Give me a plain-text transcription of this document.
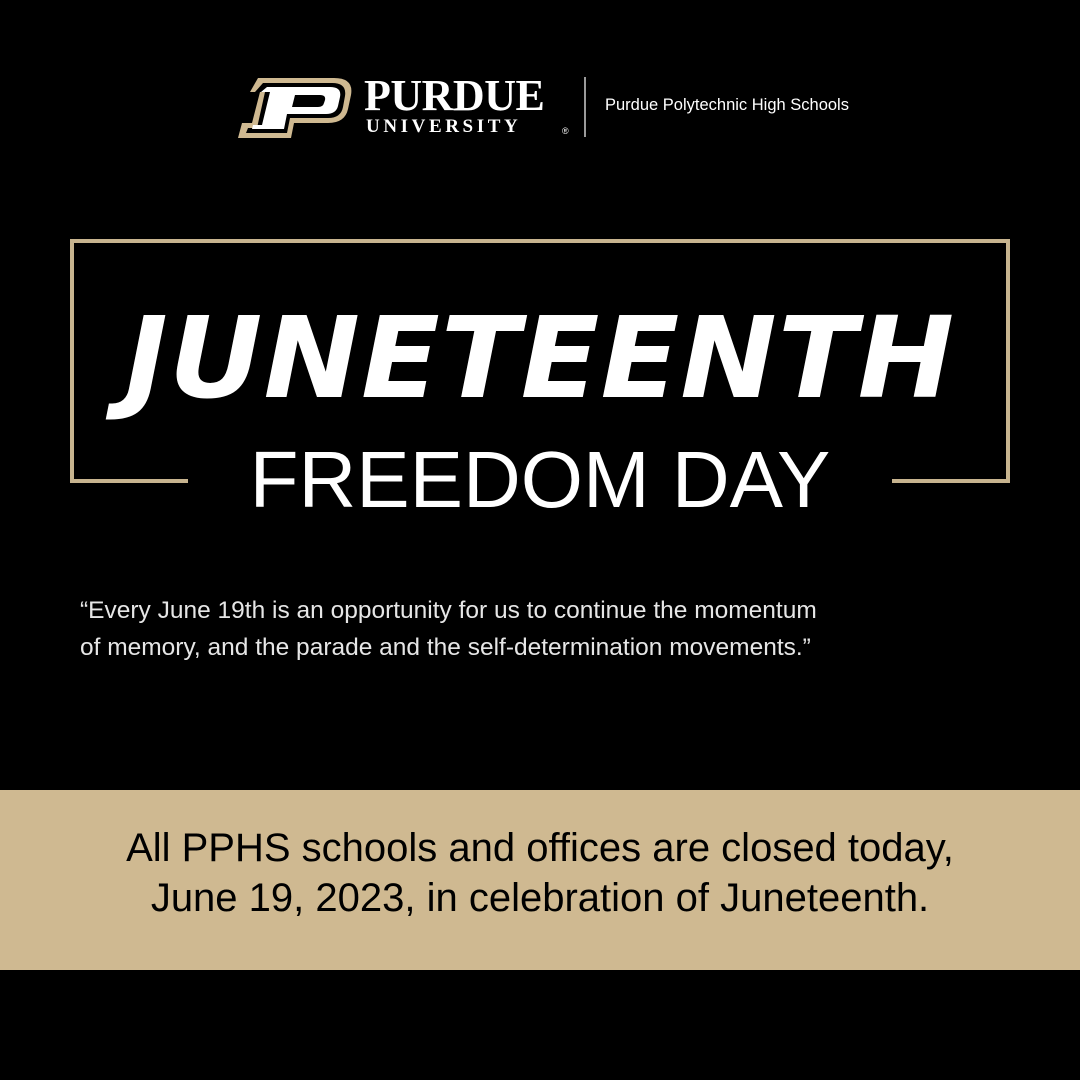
PURDUE
UNIVERSITY	®
Purdue Polytechnic High Schools
JUNETEENTH
FREEDOM DAY
“Every June 19th is an opportunity for us to continue the momentum
of memory, and the parade and the self-determination movements.”
All PPHS schools and offices are closed today,
June 19, 2023, in celebration of Juneteenth.
